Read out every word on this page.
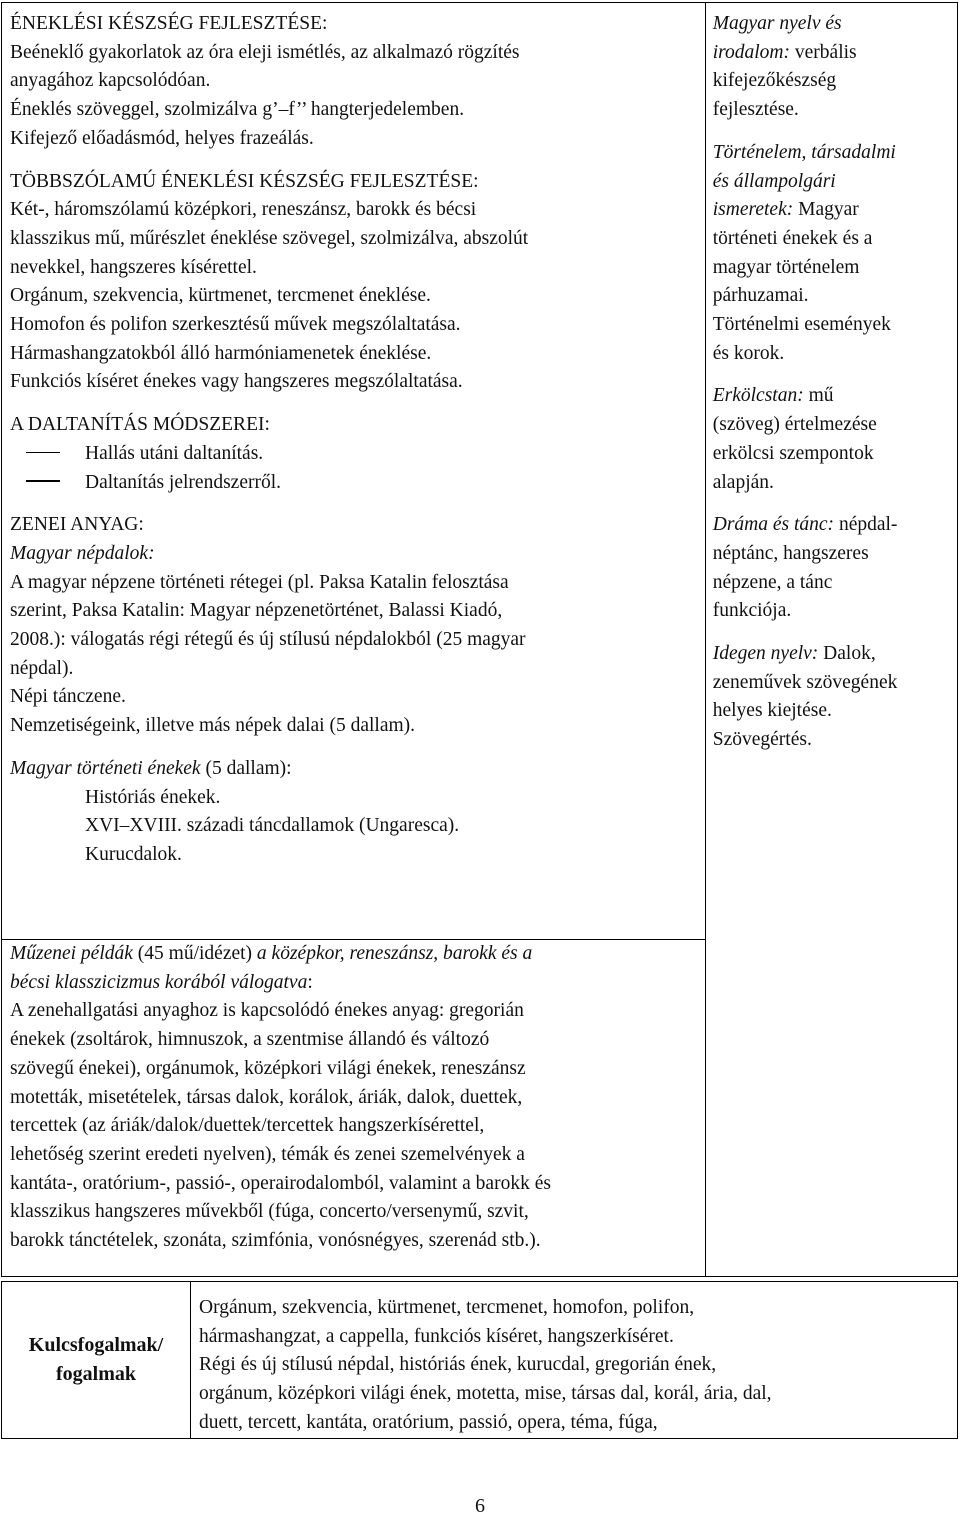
ÉNEKLÉSI KÉSZSÉG FEJLESZTÉSE:
Beéneklő gyakorlatok az óra eleji ismétlés, az alkalmazó rögzítés
anyagához kapcsolódóan.
Éneklés szöveggel, szolmizálva g’–f’’ hangterjedelemben.
Kifejező előadásmód, helyes frazeálás.
TÖBBSZÓLAMÚ ÉNEKLÉSI KÉSZSÉG FEJLESZTÉSE:
Két-, háromszólamú középkori, reneszánsz, barokk és bécsi
klasszikus mű, műrészlet éneklése szövegel, szolmizálva, abszolút
nevekkel, hangszeres kísérettel.
Orgánum, szekvencia, kürtmenet, tercmenet éneklése.
Homofon és polifon szerkesztésű művek megszólaltatása.
Hármashangzatokból álló harmóniamenetek éneklése.
Funkciós kíséret énekes vagy hangszeres megszólaltatása.
A DALTANÍTÁS MÓDSZEREI:
Hallás utáni daltanítás.
Daltanítás jelrendszerről.
ZENEI ANYAG:
Magyar népdalok:
A magyar népzene történeti rétegei (pl. Paksa Katalin felosztása
szerint, Paksa Katalin: Magyar népzenetörténet, Balassi Kiadó,
2008.): válogatás régi rétegű és új stílusú népdalokból (25 magyar
népdal).
Népi tánczene.
Nemzetiségeink, illetve más népek dalai (5 dallam).
Magyar történeti énekek (5 dallam):
Históriás énekek.
XVI–XVIII. századi táncdallamok (Ungaresca).
Kurucdalok.

Magyar nyelv és
irodalom: verbális
kifejezőkészség
fejlesztése.
Történelem, társadalmi
és állampolgári
ismeretek: Magyar
történeti énekek és a
magyar történelem
párhuzamai.
Történelmi események
és korok.
Erkölcstan: mű
(szöveg) értelmezése
erkölcsi szempontok
alapján.
Dráma és tánc: népdal-
néptánc, hangszeres
népzene, a tánc
funkciója.
Idegen nyelv: Dalok,
zeneművek szövegének
helyes kiejtése.
Szövegértés.

Műzenei példák (45 mű/idézet) a középkor, reneszánsz, barokk és a
bécsi klasszicizmus korából válogatva:
A zenehallgatási anyaghoz is kapcsolódó énekes anyag: gregorián
énekek (zsoltárok, himnuszok, a szentmise állandó és változó
szövegű énekei), orgánumok, középkori világi énekek, reneszánsz
motetták, misetételek, társas dalok, korálok, áriák, dalok, duettek,
tercettek (az áriák/dalok/duettek/tercettek hangszerkísérettel,
lehetőség szerint eredeti nyelven), témák és zenei szemelvények a
kantáta-, oratórium-, passió-, operairodalomból, valamint a barokk és
klasszikus hangszeres művekből (fúga, concerto/versenymű, szvit,
barokk tánctételek, szonáta, szimfónia, vonósnégyes, szerenád stb.).
Kulcsfogalmak/
fogalmak

Orgánum, szekvencia, kürtmenet, tercmenet, homofon, polifon,
hármashangzat, a cappella, funkciós kíséret, hangszerkíséret.
Régi és új stílusú népdal, históriás ének, kurucdal, gregorián ének,
orgánum, középkori világi ének, motetta, mise, társas dal, korál, ária, dal,
duett, tercett, kantáta, oratórium, passió, opera, téma, fúga,
6
